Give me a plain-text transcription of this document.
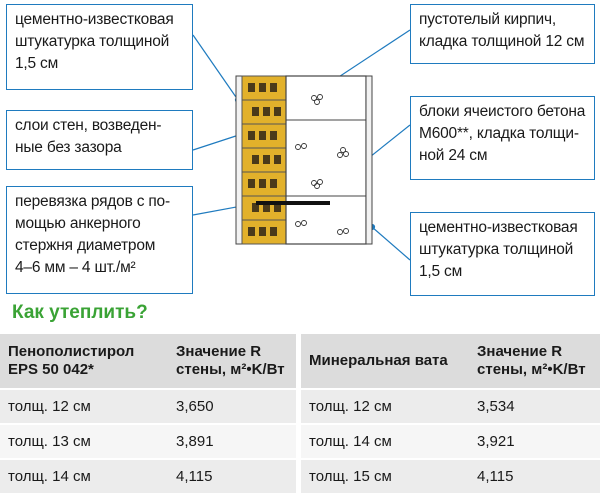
цементно-известковая
штукатурка толщиной
1,5 см
слои стен, возведен-
ные без зазора
перевязка рядов с по-
мощью анкерного
стержня диаметром
4–6 мм – 4 шт./м²
пустотелый кирпич,
кладка толщиной 12 см
блоки ячеистого бетона
М600**, кладка толщи-
ной 24 см
цементно-известковая
штукатурка толщиной
1,5 см
Как утеплить?
Пенополистирол EPS 50 042*	Значение R стены, м²•K/Вт
толщ. 12 см	3,650
толщ. 13 см	3,891
толщ. 14 см	4,115
Минеральная вата	Значение R стены, м²•K/Вт
толщ. 12 см	3,534
толщ. 14 см	3,921
толщ. 15 см	4,115
